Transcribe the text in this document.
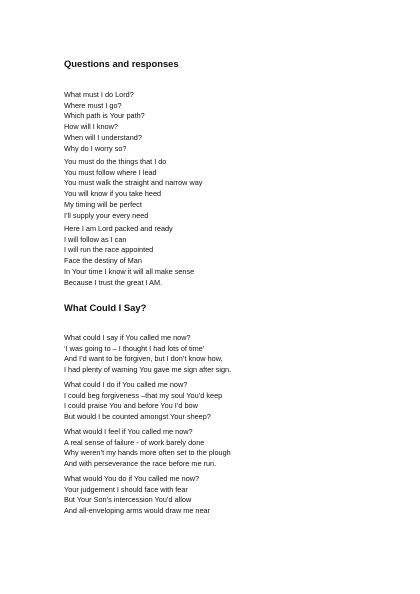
Questions and responses
What must I do Lord?
Where must I go?
Which path is Your path?
How will I know?
When will I understand?
Why do I worry so?
You must do the things that I do
You must follow where I lead
You must walk the straight and narrow way
You will know if you take heed
My timing will be perfect
I’ll supply your every need
Here I am Lord packed and ready
I will follow as I can
I will run the race appointed
Face the destiny of Man
In Your time I know it will all make sense
Because I trust the great I AM.
What Could I Say?
What could I say if You called me now?
‘I was going to – I thought I had lots of time’
And I’d want to be forgiven, but I don’t know how,
I had plenty of warning You gave me sign after sign.
What could I do if You called me now?
I could beg forgiveness –that my soul You’d keep
I could praise You and before You I’d bow
But would I be counted amongst Your sheep?
What would I feel if You called me now?
A real sense of failure - of work barely done
Why weren’t my hands more often set to the plough
And with perseverance the race before me run.
What would You do if You called me now?
Your judgement I should face with fear
But Your Son’s intercession You’d allow
And all-enveloping arms would draw me near
